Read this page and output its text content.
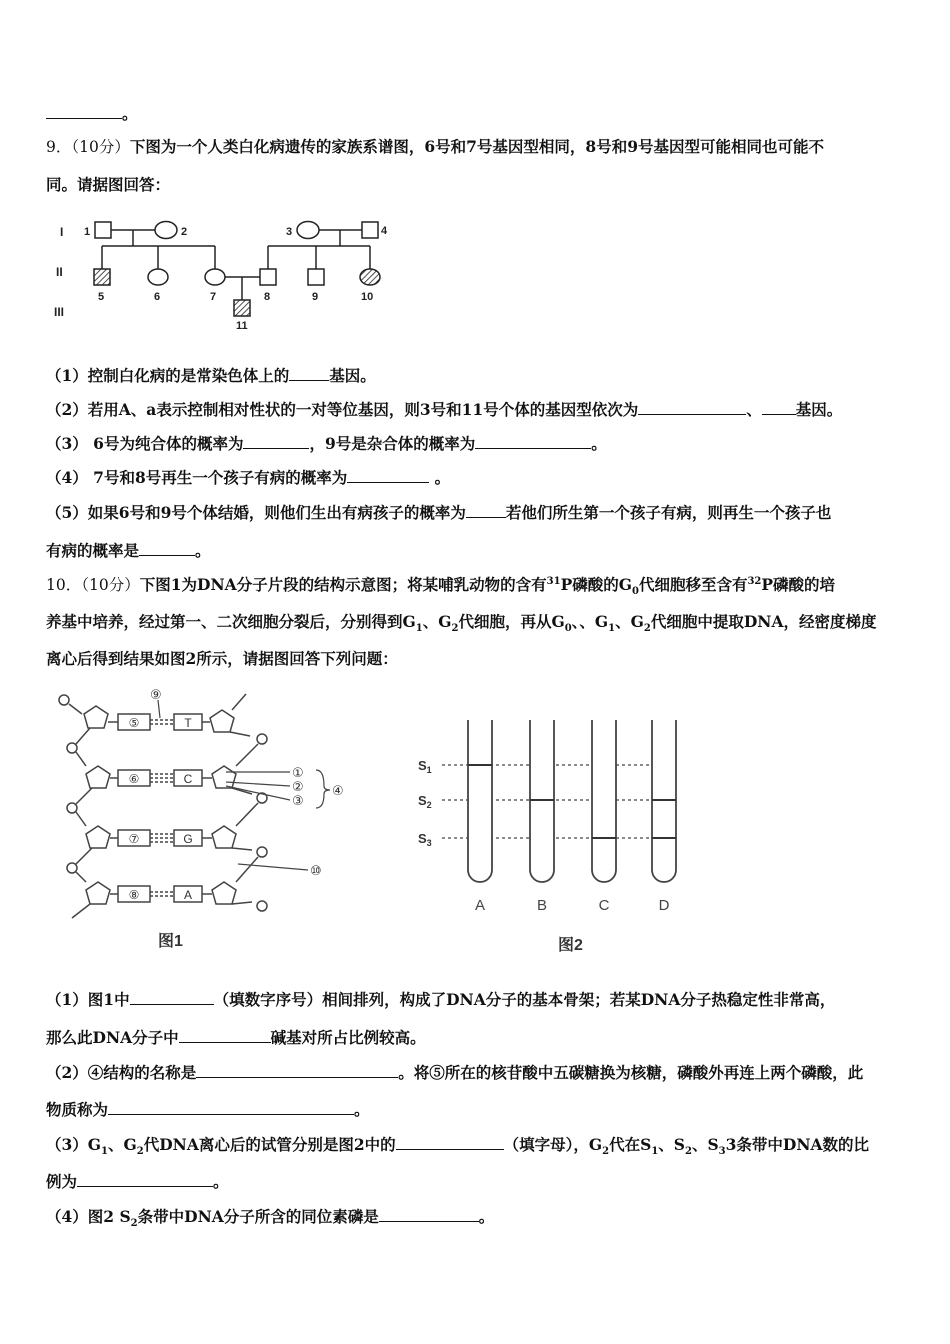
。
9．（10分）下图为一个人类白化病遗传的家族系谱图，6号和7号基因型相同，8号和9号基因型可能相同也可能不
同。请据图回答：
I
II
III
1	2	3	4
5	6	7	8	9	10
11
（1）控制白化病的是常染色体上的	基因。
（2）若用A、a表示控制相对性状的一对等位基因，则3号和11号个体的基因型依次为	、 基因。
（3） 6号为纯合体的概率为	，9号是杂合体的概率为	。
（4） 7号和8号再生一个孩子有病的概率为	。
（5）如果6号和9号个体结婚，则他们生出有病孩子的概率为	若他们所生第一个孩子有病，则再生一个孩子也
有病的概率是	。
10．（10分）下图1为DNA分子片段的结构示意图；将某哺乳动物的含有$^{31}$P磷酸的$G_0$代细胞移至含有$^{32}$P磷酸的培
养基中培养，经过第一、二次细胞分裂后，分别得到$G_1$、$G_2$代细胞，再从$G_0$、、$G_1$、$G_2$代细胞中提取DNA，经密度梯度
离心后得到结果如图2所示，请据图回答下列问题：
⑤
⑥
⑦
⑧
T
C
G
A
⑨
①
②
③
④
⑩
图1
$S_1$
$S_2$
$S_3$
A	B	C	D
图2
（1）图1中	（填数字序号）相间排列，构成了DNA分子的基本骨架；若某DNA分子热稳定性非常高，
那么此DNA分子中	碱基对所占比例较高。
（2）④结构的名称是	。将⑤所在的核苷酸中五碳糖换为核糖，磷酸外再连上两个磷酸，此
物质称为	。
$(3)G_1$、$G_2$代DNA离心后的试管分别是图2中的	（填字母），$G_2$代在$S_1$、$S_2$、$S_33$条带中DNA数的比
例为	。
（4）图2 $S_2$条带中DNA分子所含的同位素磷是	。
